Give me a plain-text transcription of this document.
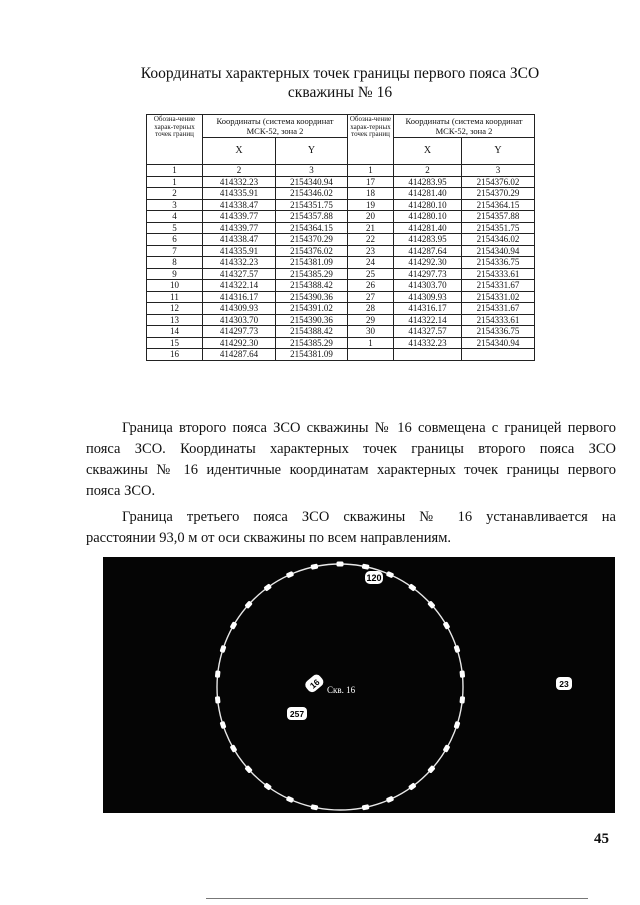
Координаты характерных точек границы первого пояса ЗСО
скважины № 16
Обозна-чение харак-терных точек границ	Координаты (система координат МСК-52, зона 2		Обозна-чение харак-терных точек границ	Координаты (система координат МСК-52, зона 2	
	X	Y		X	Y
1	2	3	1	2	3
1	414332.23	2154340.94	17	414283.95	2154376.02
2	414335.91	2154346.02	18	414281.40	2154370.29
3	414338.47	2154351.75	19	414280.10	2154364.15
4	414339.77	2154357.88	20	414280.10	2154357.88
5	414339.77	2154364.15	21	414281.40	2154351.75
6	414338.47	2154370.29	22	414283.95	2154346.02
7	414335.91	2154376.02	23	414287.64	2154340.94
8	414332.23	2154381.09	24	414292.30	2154336.75
9	414327.57	2154385.29	25	414297.73	2154333.61
10	414322.14	2154388.42	26	414303.70	2154331.67
11	414316.17	2154390.36	27	414309.93	2154331.02
12	414309.93	2154391.02	28	414316.17	2154331.67
13	414303.70	2154390.36	29	414322.14	2154333.61
14	414297.73	2154388.42	30	414327.57	2154336.75
15	414292.30	2154385.29	1	414332.23	2154340.94
16	414287.64	2154381.09			
Граница второго пояса ЗСО скважины № 16 совмещена с границей первого
пояса ЗСО. Координаты характерных точек границы второго пояса ЗСО
скважины № 16 идентичные координатам характерных точек границы первого
пояса ЗСО.
Граница третьего пояса ЗСО скважины № 16 устанавливается на
расстоянии 93,0 м от оси скважины по всем направлениям.
120
16 Скв. 16
257
23
45
